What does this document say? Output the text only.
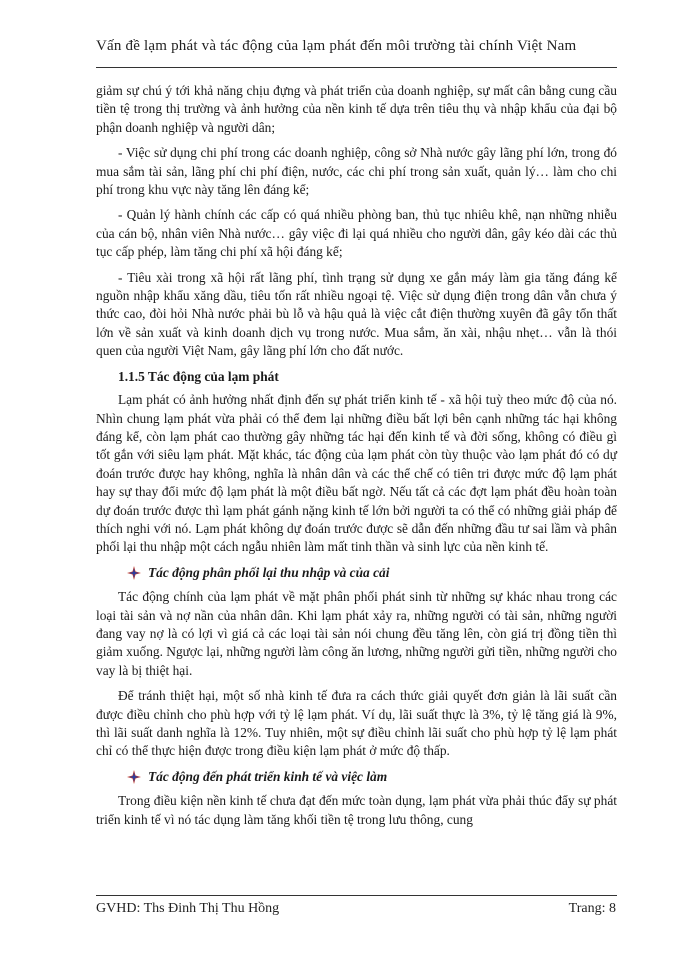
Vấn đề lạm phát và tác động của lạm phát đến môi trường tài chính Việt Nam

giảm sự chú ý tới khả năng chịu đựng và phát triển của doanh nghiệp, sự mất cân bằng cung cầu tiền tệ trong thị trường và ảnh hưởng của nền kinh tế dựa trên tiêu thụ và nhập khẩu của đại bộ phận doanh nghiệp và người dân;

- Việc sử dụng chi phí trong các doanh nghiệp, công sở Nhà nước gây lãng phí lớn, trong đó mua sắm tài sản, lãng phí chi phí điện, nước, các chi phí trong sản xuất, quản lý… làm cho chi phí trong khu vực này tăng lên đáng kể;

- Quản lý hành chính các cấp có quá nhiều phòng ban, thủ tục nhiêu khê, nạn những nhiễu của cán bộ, nhân viên Nhà nước… gây việc đi lại quá nhiều cho người dân, gây kéo dài các thủ tục cấp phép, làm tăng chi phí xã hội đáng kể;

- Tiêu xài trong xã hội rất lãng phí, tình trạng sử dụng xe gắn máy làm gia tăng đáng kể nguồn nhập khẩu xăng dầu, tiêu tốn rất nhiều ngoại tệ. Việc sử dụng điện trong dân vẫn chưa ý thức cao, đòi hỏi Nhà nước phải bù lỗ và hậu quả là việc cắt điện thường xuyên đã gây tổn thất lớn về sản xuất và kinh doanh dịch vụ trong nước. Mua sắm, ăn xài, nhậu nhẹt… vẫn là thói quen của người Việt Nam, gây lãng phí lớn cho đất nước.

1.1.5 Tác động của lạm phát

Lạm phát có ảnh hưởng nhất định đến sự phát triển kinh tế - xã hội tuỳ theo mức độ của nó. Nhìn chung lạm phát vừa phải có thể đem lại những điều bất lợi bên cạnh những tác hại không đáng kể, còn lạm phát cao thường gây những tác hại đến kinh tế và đời sống, không có điều gì tốt gắn với siêu lạm phát. Mặt khác, tác động của lạm phát còn tùy thuộc vào lạm phát đó có dự đoán trước được hay không, nghĩa là nhân dân và các thể chế có tiên tri được mức độ lạm phát hay sự thay đổi mức độ lạm phát là một điều bất ngờ. Nếu tất cả các đợt lạm phát đều hoàn toàn dự đoán trước được thì lạm phát gánh nặng kinh tế lớn bởi người ta có thể có những giải pháp để thích nghi với nó. Lạm phát không dự đoán trước được sẽ dẫn đến những đầu tư sai lầm và phân phối lại thu nhập một cách ngẫu nhiên làm mất tinh thần và sinh lực của nền kinh tế.

Tác động phân phối lại thu nhập và của cải

Tác động chính của lạm phát về mặt phân phối phát sinh từ những sự khác nhau trong các loại tài sản và nợ nần của nhân dân. Khi lạm phát xảy ra, những người có tài sản, những người đang vay nợ là có lợi vì giá cả các loại tài sản nói chung đều tăng lên, còn giá trị đồng tiền thì giảm xuống. Ngược lại, những người làm công ăn lương, những người gửi tiền, những người cho vay là bị thiệt hại.

Để tránh thiệt hại, một số nhà kinh tế đưa ra cách thức giải quyết đơn giản là lãi suất cần được điều chỉnh cho phù hợp với tỷ lệ lạm phát. Ví dụ, lãi suất thực là 3%, tỷ lệ tăng giá là 9%, thì lãi suất danh nghĩa là 12%. Tuy nhiên, một sự điều chỉnh lãi suất cho phù hợp tỷ lệ lạm phát chỉ có thể thực hiện được trong điều kiện lạm phát ở mức độ thấp.

Tác động đến phát triển kinh tế và việc làm

Trong điều kiện nền kinh tế chưa đạt đến mức toàn dụng, lạm phát vừa phải thúc đẩy sự phát triển kinh tế vì nó tác dụng làm tăng khối tiền tệ trong lưu thông, cung

GVHD: Ths Đinh Thị Thu Hồng	Trang: 8
